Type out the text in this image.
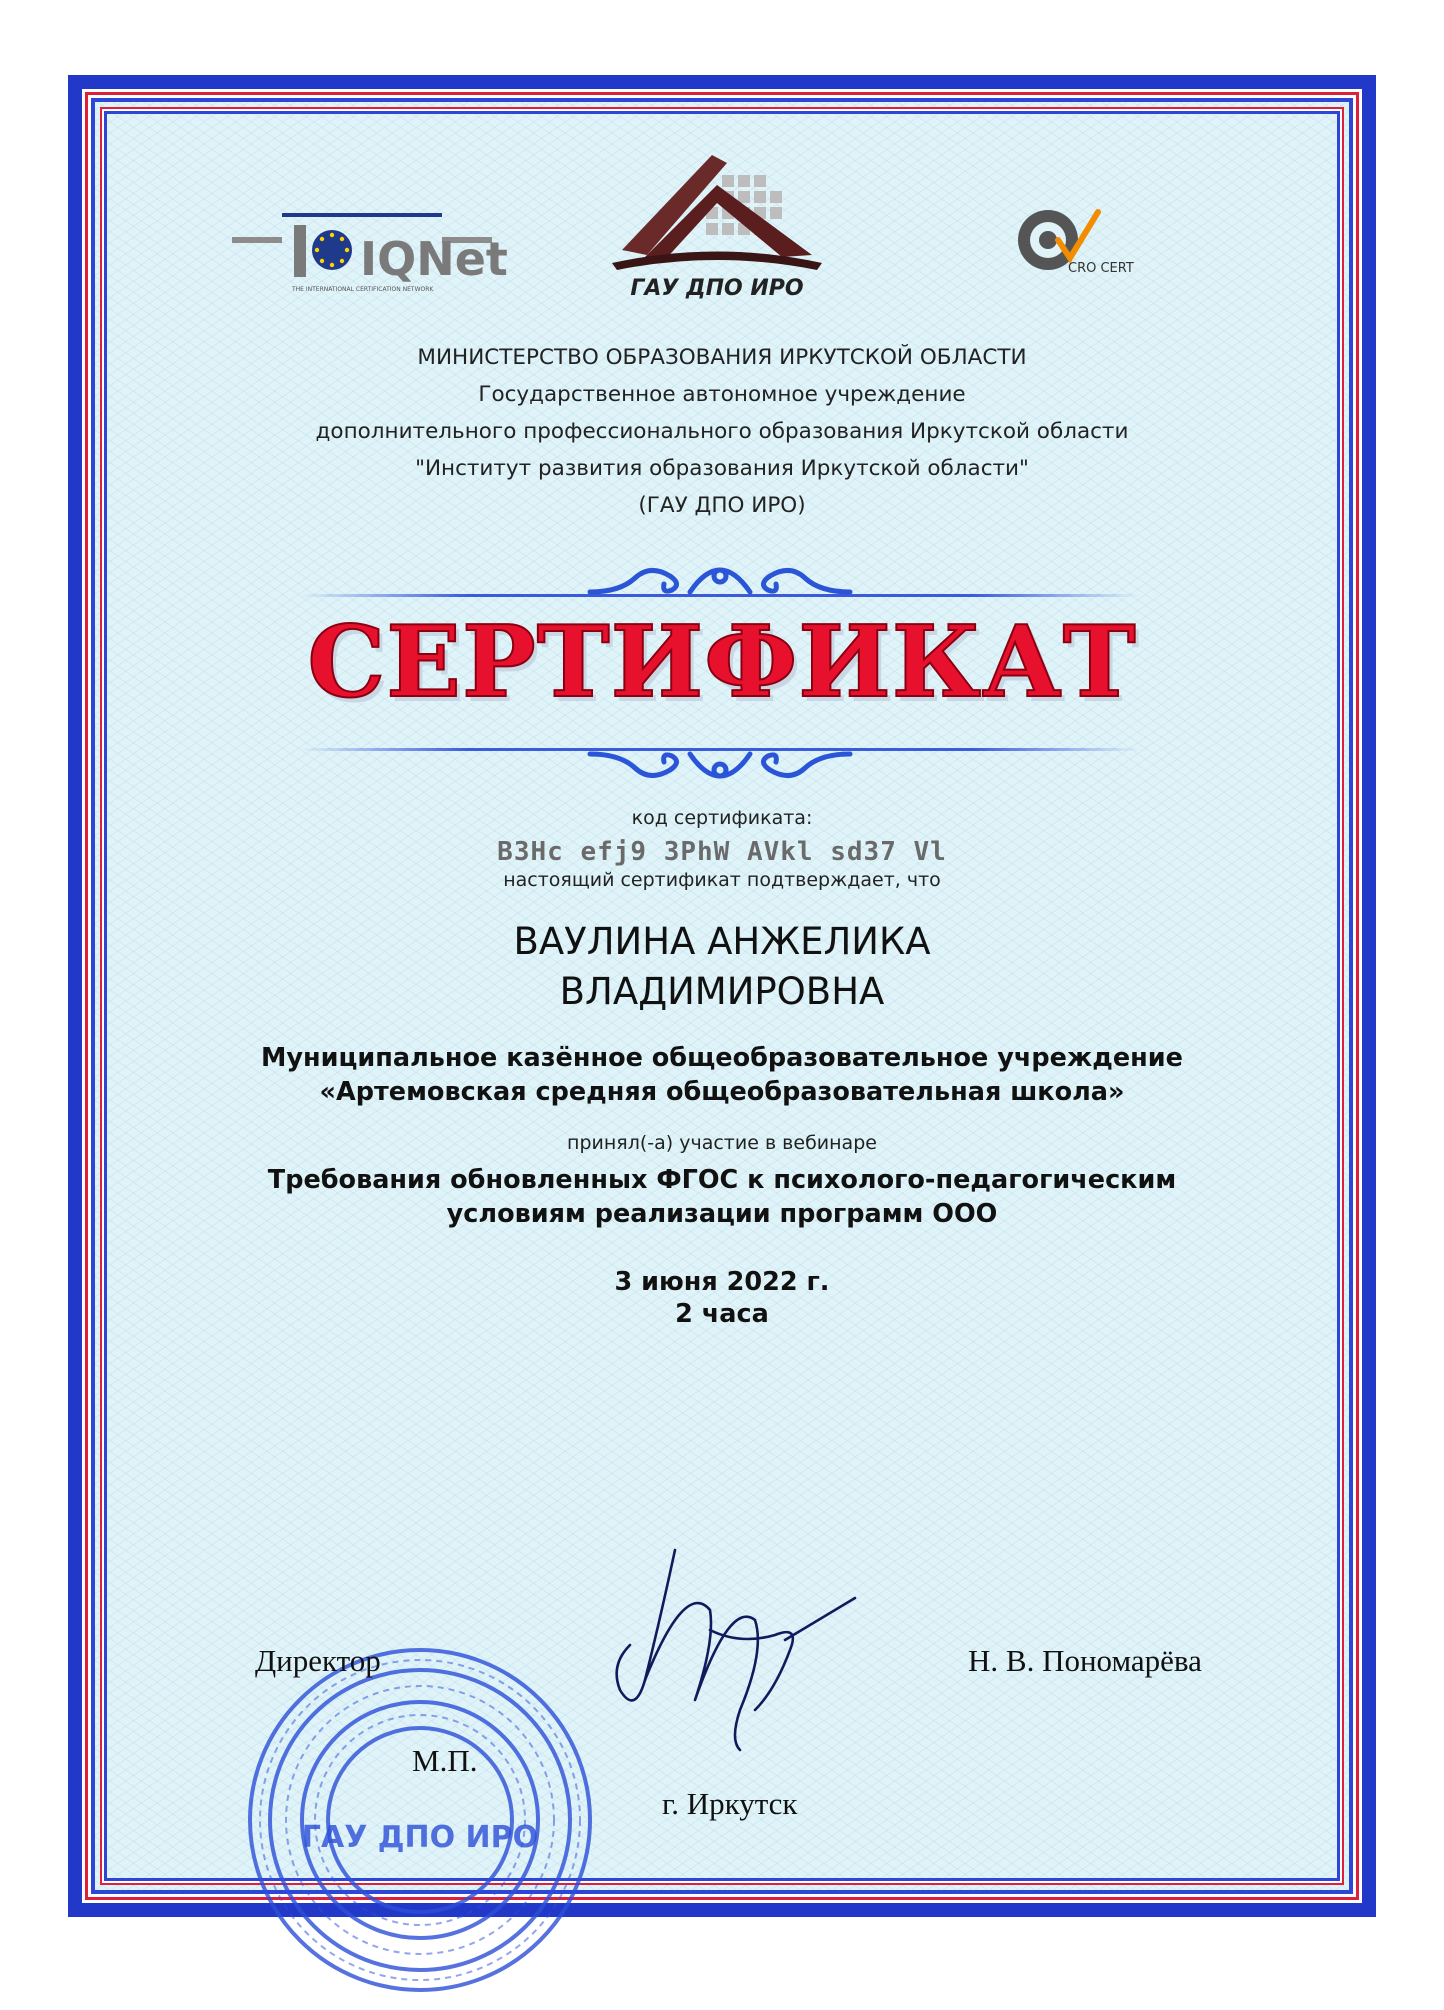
IQNet
THE INTERNATIONAL CERTIFICATION NETWORK	ГАУ ДПО ИРО
CRO CERT
МИНИСТЕРСТВО ОБРАЗОВАНИЯ ИРКУТСКОЙ ОБЛАСТИ
Государственное автономное учреждение
дополнительного профессионального образования Иркутской области
"Институт развития образования Иркутской области"
(ГАУ ДПО ИРО)
СЕРТИФИКАТ
код сертификата:
B3Hc efj9 3PhW AVkl sd37 Vl
настоящий сертификат подтверждает, что
ВАУЛИНА АНЖЕЛИКА
ВЛАДИМИРОВНА
Муниципальное казённое общеобразовательное учреждение
«Артемовская средняя общеобразовательная школа»
принял(-а) участие в вебинаре
Требования обновленных ФГОС к психолого-педагогическим
условиям реализации программ ООО
3 июня 2022 г.
2 часа
ГАУ ДПО ИРО
Директор	Н. В. Пономарёва
М.П.
г. Иркутск
